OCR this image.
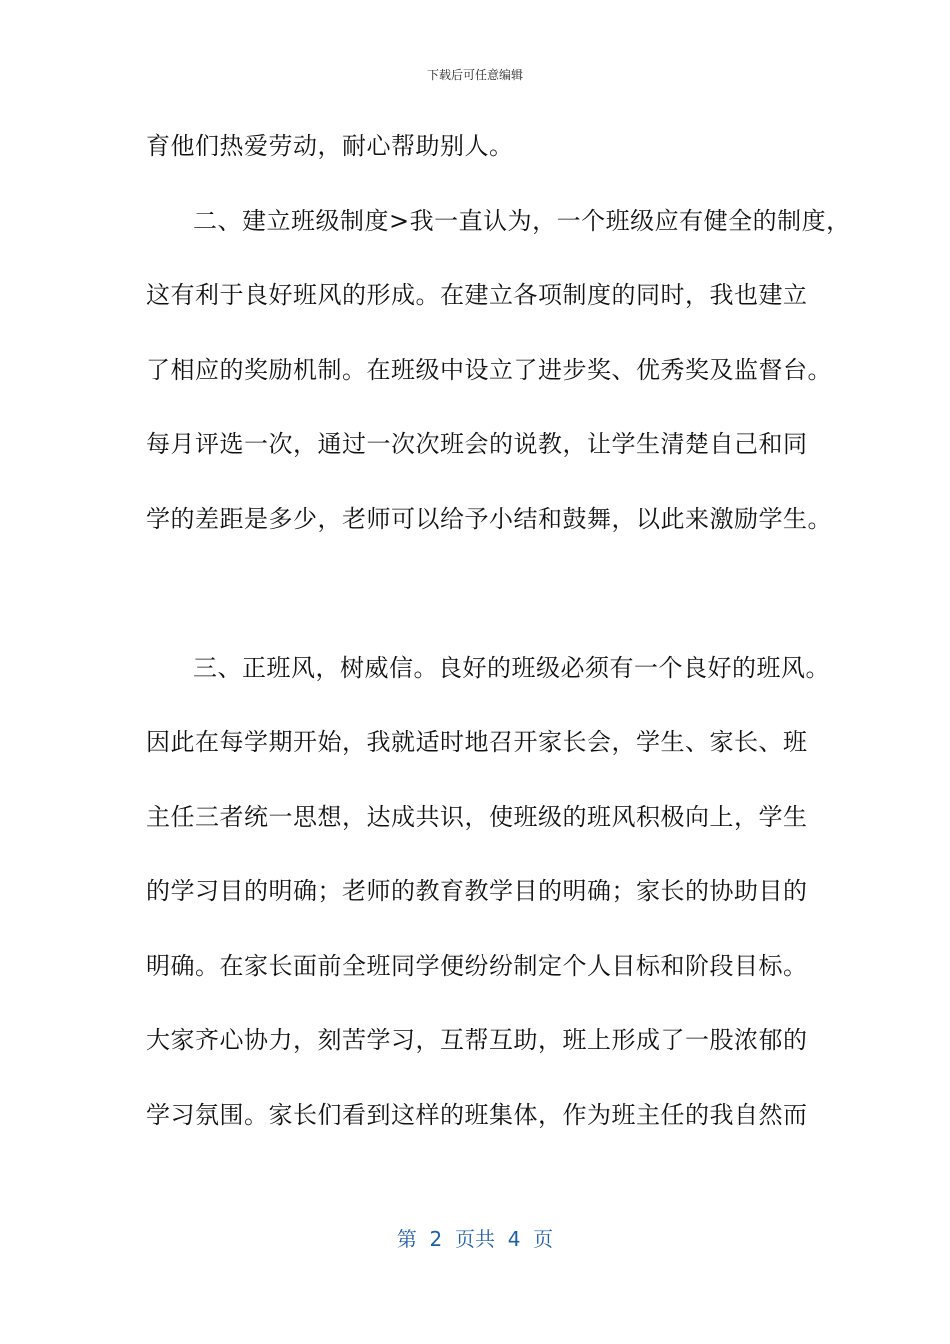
下载后可任意编辑
育他们热爱劳动，耐心帮助别人。
二、建立班级制度>我一直认为，一个班级应有健全的制度，
这有利于良好班风的形成。在建立各项制度的同时，我也建立
了相应的奖励机制。在班级中设立了进步奖、优秀奖及监督台。
每月评选一次，通过一次次班会的说教，让学生清楚自己和同
学的差距是多少，老师可以给予小结和鼓舞，以此来激励学生。
三、正班风，树威信。良好的班级必须有一个良好的班风。
因此在每学期开始，我就适时地召开家长会，学生、家长、班
主任三者统一思想，达成共识，使班级的班风积极向上，学生
的学习目的明确；老师的教育教学目的明确；家长的协助目的
明确。在家长面前全班同学便纷纷制定个人目标和阶段目标。
大家齐心协力，刻苦学习，互帮互助，班上形成了一股浓郁的
学习氛围。家长们看到这样的班集体，作为班主任的我自然而
第  2  页共  4  页
